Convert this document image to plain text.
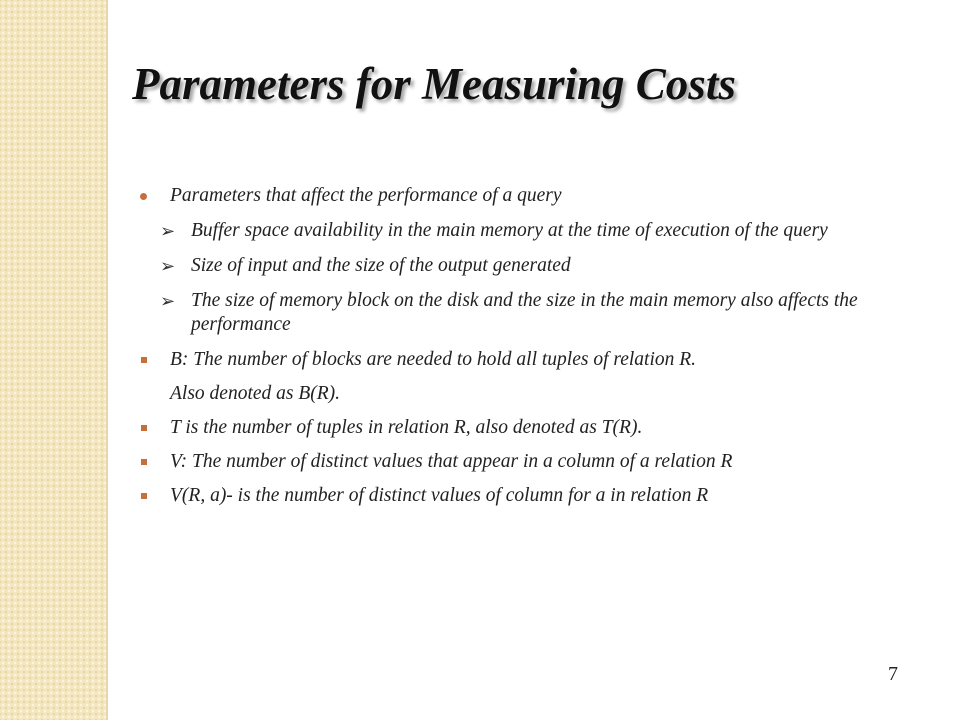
Parameters for Measuring Costs
Parameters that affect the performance of a query
➢ Buffer space availability in the main memory at the time of execution of the query
➢ Size of input and the size of the output generated
➢ The size of memory block on the disk and the size in the main memory also affects the performance
B: The number of blocks are needed to hold all tuples of relation R.
Also denoted as B(R).
T is the number of tuples in relation R, also denoted as T(R).
V: The number of distinct values that appear in a column of a relation R
V(R, a)- is the number of distinct values of column for a in relation R
7
